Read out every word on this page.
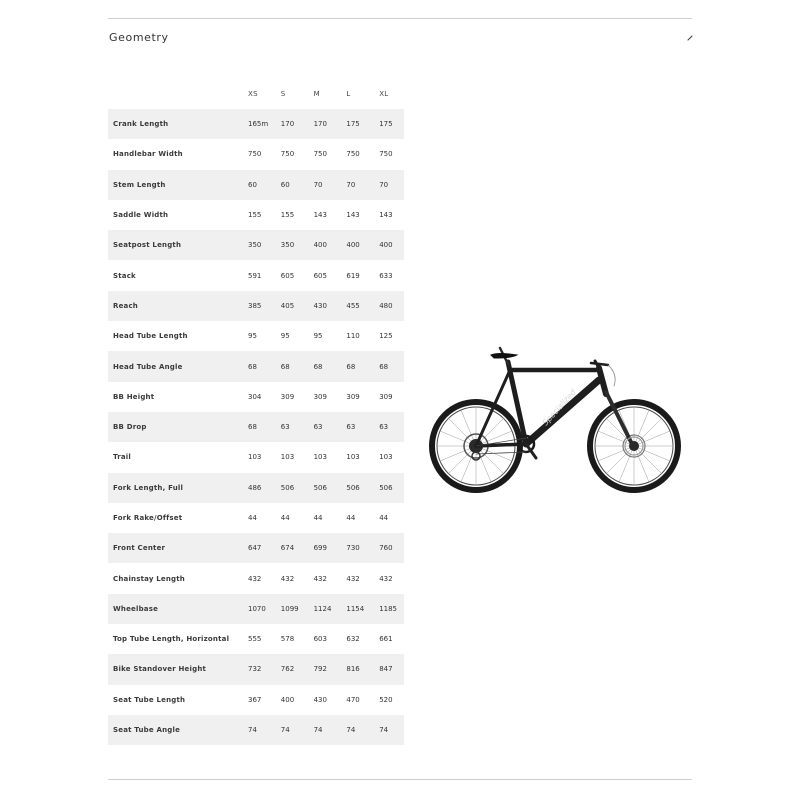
Geometry
	XS	S	M	L	XL
Crank Length	165m	170	170	175	175
Handlebar Width	750	750	750	750	750
Stem Length	60	60	70	70	70
Saddle Width	155	155	143	143	143
Seatpost Length	350	350	400	400	400
Stack	591	605	605	619	633
Reach	385	405	430	455	480
Head Tube Length	95	95	95	110	125
Head Tube Angle	68	68	68	68	68
BB Height	304	309	309	309	309
BB Drop	68	63	63	63	63
Trail	103	103	103	103	103
Fork Length, Full	486	506	506	506	506
Fork Rake/Offset	44	44	44	44	44
Front Center	647	674	699	730	760
Chainstay Length	432	432	432	432	432
Wheelbase	1070	1099	1124	1154	1185
Top Tube Length, Horizontal	555	578	603	632	661
Bike Standover Height	732	762	792	816	847
Seat Tube Length	367	400	430	470	520
Seat Tube Angle	74	74	74	74	74
Specialized
